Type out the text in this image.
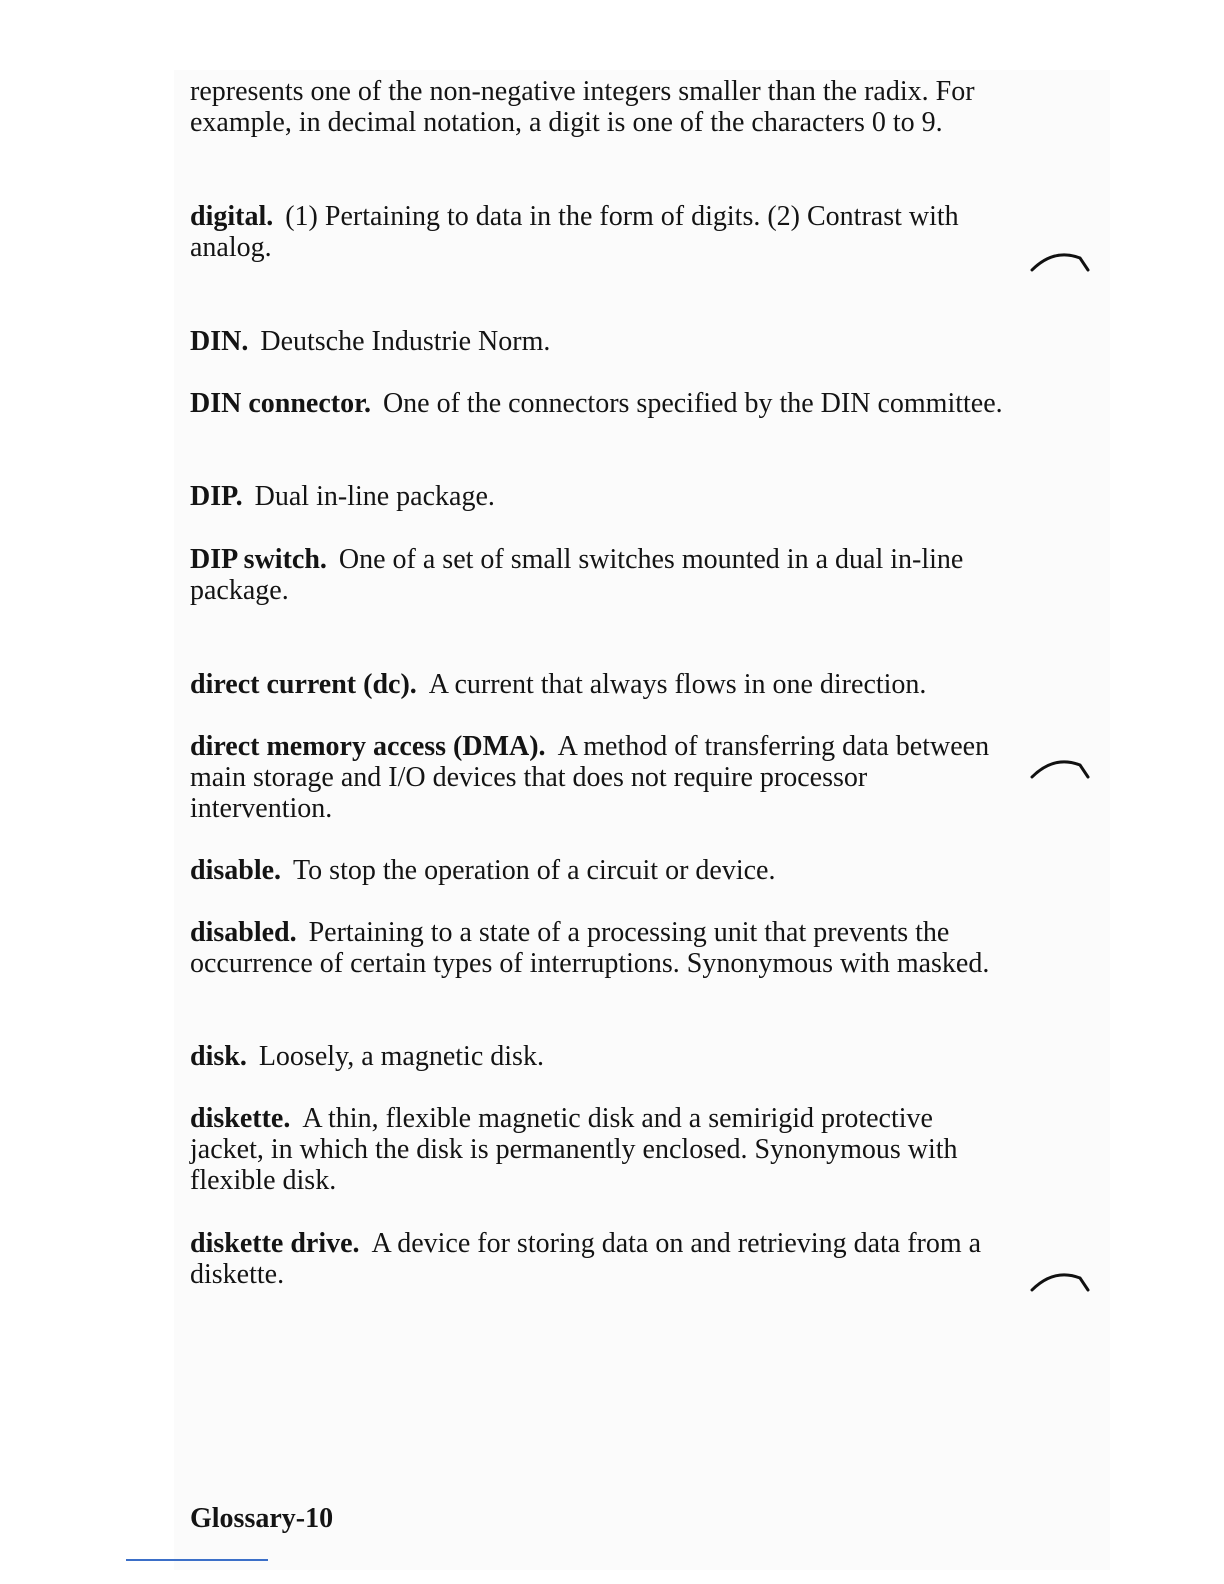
represents one of the non-negative integers smaller than the radix. For example, in decimal notation, a digit is one of the characters 0 to 9.

digital. (1) Pertaining to data in the form of digits. (2) Contrast with analog.

DIN. Deutsche Industrie Norm.

DIN connector. One of the connectors specified by the DIN committee.

DIP. Dual in-line package.

DIP switch. One of a set of small switches mounted in a dual in-line package.

direct current (dc). A current that always flows in one direction.

direct memory access (DMA). A method of transferring data between main storage and I/O devices that does not require processor intervention.

disable. To stop the operation of a circuit or device.

disabled. Pertaining to a state of a processing unit that prevents the occurrence of certain types of interruptions. Synonymous with masked.

disk. Loosely, a magnetic disk.

diskette. A thin, flexible magnetic disk and a semirigid protective jacket, in which the disk is permanently enclosed. Synonymous with flexible disk.

diskette drive. A device for storing data on and retrieving data from a diskette.

Glossary-10
